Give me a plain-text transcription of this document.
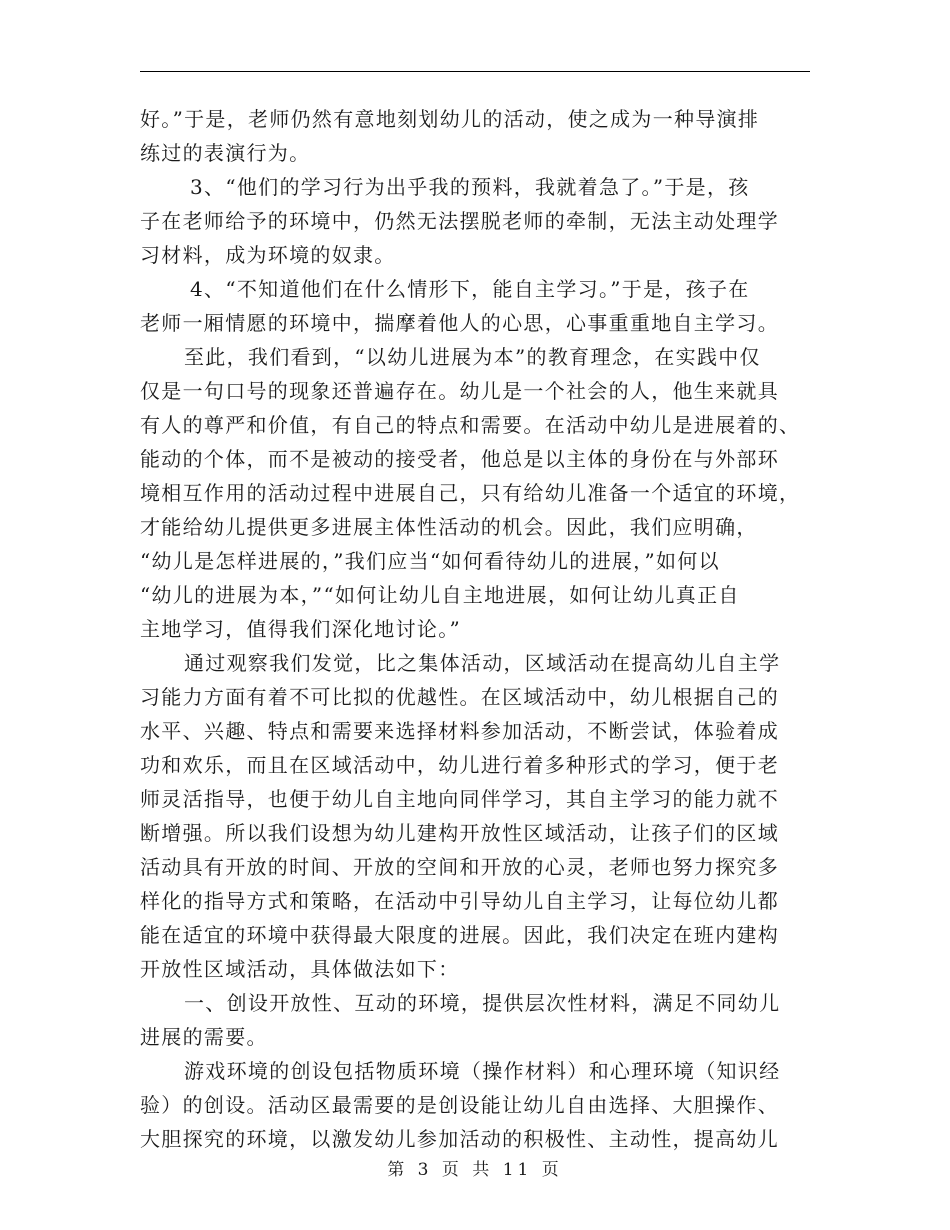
好。”于是，老师仍然有意地刻划幼儿的活动，使之成为一种导演排
练过的表演行为。
3、“他们的学习行为出乎我的预料，我就着急了。”于是，孩
子在老师给予的环境中，仍然无法摆脱老师的牵制，无法主动处理学
习材料，成为环境的奴隶。
4、“不知道他们在什么情形下，能自主学习。”于是，孩子在
老师一厢情愿的环境中，揣摩着他人的心思，心事重重地自主学习。
至此，我们看到，“以幼儿进展为本”的教育理念，在实践中仅
仅是一句口号的现象还普遍存在。幼儿是一个社会的人，他生来就具
有人的尊严和价值，有自己的特点和需要。在活动中幼儿是进展着的、
能动的个体，而不是被动的接受者，他总是以主体的身份在与外部环
境相互作用的活动过程中进展自己，只有给幼儿准备一个适宜的环境，
才能给幼儿提供更多进展主体性活动的机会。因此，我们应明确，
“幼儿是怎样进展的，”我们应当“如何看待幼儿的进展，”如何以
“幼儿的进展为本，”“如何让幼儿自主地进展，如何让幼儿真正自
主地学习，值得我们深化地讨论。”
通过观察我们发觉，比之集体活动，区域活动在提高幼儿自主学
习能力方面有着不可比拟的优越性。在区域活动中，幼儿根据自己的
水平、兴趣、特点和需要来选择材料参加活动，不断尝试，体验着成
功和欢乐，而且在区域活动中，幼儿进行着多种形式的学习，便于老
师灵活指导，也便于幼儿自主地向同伴学习，其自主学习的能力就不
断增强。所以我们设想为幼儿建构开放性区域活动，让孩子们的区域
活动具有开放的时间、开放的空间和开放的心灵，老师也努力探究多
样化的指导方式和策略，在活动中引导幼儿自主学习，让每位幼儿都
能在适宜的环境中获得最大限度的进展。因此，我们决定在班内建构
开放性区域活动，具体做法如下：
一、创设开放性、互动的环境，提供层次性材料，满足不同幼儿
进展的需要。
游戏环境的创设包括物质环境（操作材料）和心理环境（知识经
验）的创设。活动区最需要的是创设能让幼儿自由选择、大胆操作、
大胆探究的环境，以激发幼儿参加活动的积极性、主动性，提高幼儿
第 3 页 共 11 页
